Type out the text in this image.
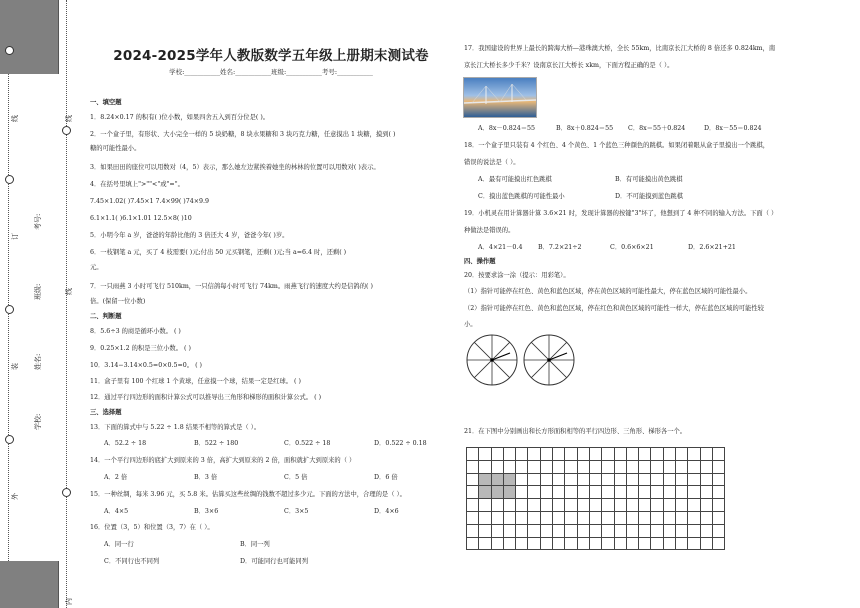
学校:
姓名:
班级:
考号:
线
线
线
订
装
外
内
2024-2025学年人教版数学五年级上册期末测试卷
学校:___________姓名:___________班级:___________考号:___________
一、填空题
1．8.24×0.17 的积有( )位小数，如果四舍五入到百分位是( )。
2．一个盒子里，有形状、大小完全一样的 5 块奶糖，8 块水果糖和 3 块巧克力糖，任意摸出 1 块糖，摸到( )
糖的可能性最小。
3．如果田田的座位可以用数对（4，5）表示，那么她左边紧挨着她坐的林林的位置可以用数对( )表示。
4．在括号里填上">""<"或"="。
7.45×1.02( )7.45×1 7.4×99( )74×9.9
6.1×1.1( )6.1×1.01 12.5×8( )10
5．小明今年 a 岁，爸爸的年龄比他的 3 倍还大 4 岁，爸爸今年( )岁。
6．一枝钢笔 a 元，买了 4 枝需要( )元;付出 50 元买钢笔，还剩( )元;当 a=6.4 时，还剩( )
元。
7．一只雨燕 3 小时可飞行 510km，一只信鸽每小时可飞行 74km。雨燕飞行的速度大约是信鸽的( )
倍。(保留一位小数)
二、判断题
8．5.6÷3 的商是循环小数。 ( )
9．0.25×1.2 的积是三位小数。 ( )
10．3.14−3.14×0.5=0×0.5=0。 ( )
11．盒子里有 100 个红球 1 个黄球，任意摸一个球，结果一定是红球。 ( )
12．通过平行四边形的面积计算公式可以推导出三角形和梯形的面积计算公式。 ( )
三、选择题
13．下面的算式中与 5.22 ÷ 1.8 结果不相等的算式是（ ）。
A．52.2 ÷ 18	B．522 ÷ 180	C．0.522 ÷ 18	D．0.522 ÷ 0.18
14．一个平行四边形的底扩大到原来的 3 倍，高扩大到原来的 2 倍，面积就扩大到原来的（ ）
A．2 倍	B．3 倍	C．5 倍	D．6 倍
15．一种丝绸，每米 3.96 元，买 5.8 米。估算买这些丝绸的钱数不超过多少元。下面的方法中，合理的是（ ）。
A．4×5	B．3×6	C．3×5	D．4×6
16．位置（3，5）和位置（3，7）在（ ）。
A．同一行	B．同一列
C．不同行也不同列	D．可能同行也可能同列
17．我国建设的世界上最长的跨海大桥—港珠澳大桥，全长 55km，比南京长江大桥的 8 倍还多 0.824km，南
京长江大桥长多少千米？设南京长江大桥长 xkm，下面方程正确的是（ ）。
A．8x－0.824＝55	B．8x＋0.824＝55 C．8x＝55＋0.824	D．8x－55＝0.824
18．一个盒子里只装有 4 个红色、4 个黄色、1 个蓝色三种颜色的跳棋。如果闭着眼从盒子里摸出一个跳棋，
错误的说法是（ ）。
A．最有可能摸出红色跳棋	B．有可能摸出黄色跳棋
C．摸出蓝色跳棋的可能性最小	D．不可能摸到蓝色跳棋
19．小机灵在用计算器计算 3.6×21 时，发现计算器的按键"3"坏了，他想到了 4 种不同的输入方法。下面（ ）
种做法是错误的。
A．4×21－0.4 B．7.2×21÷2	C．0.6×6×21	D．2.6×21+21
四、操作题
20．按要求涂一涂（提示：用彩笔）。
（1）指针可能停在红色、黄色和蓝色区域，停在黄色区域的可能性最大，停在蓝色区域的可能性最小。
（2）指针可能停在红色、黄色和蓝色区域，停在红色和黄色区域的可能性一样大，停在蓝色区域的可能性较
小。
21．在下图中分别画出和长方形面积相等的平行四边形、三角形、梯形各一个。
